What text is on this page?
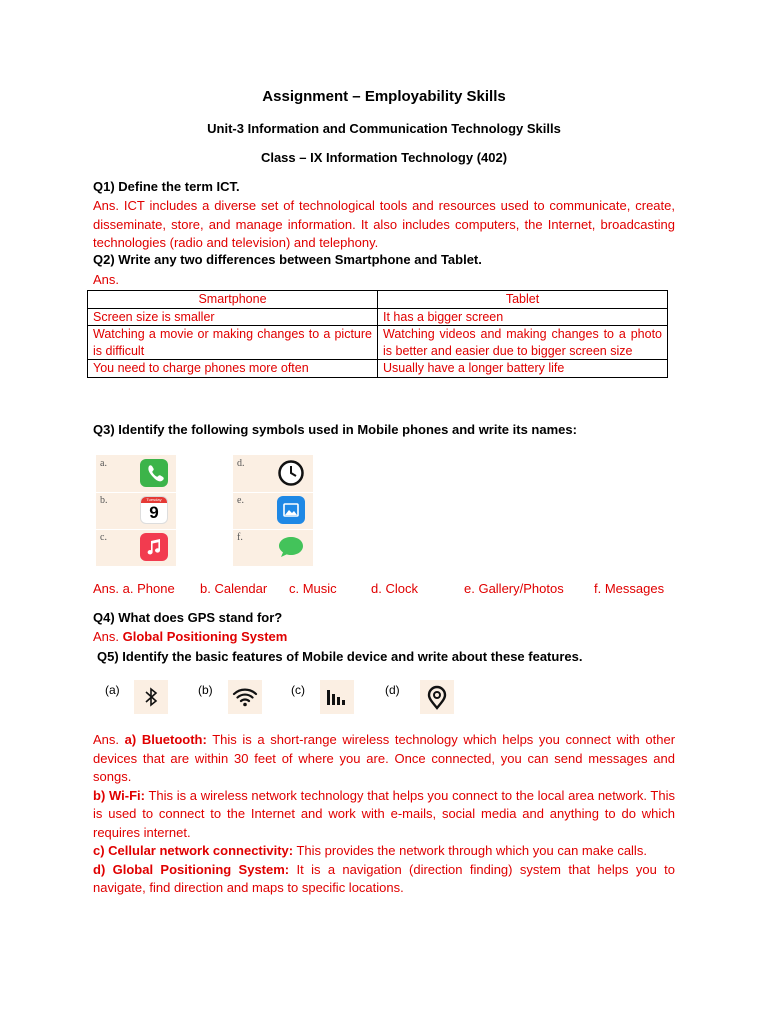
Assignment – Employability Skills
Unit-3 Information and Communication Technology Skills
Class – IX Information Technology (402)
Q1) Define the term ICT.
Ans. ICT includes a diverse set of technological tools and resources used to communicate, create, disseminate, store, and manage information. It also includes computers, the Internet, broadcasting technologies (radio and television) and telephony.
Q2) Write any two differences between Smartphone and Tablet.
Ans.
Smartphone	Tablet
Screen size is smaller	It has a bigger screen
Watching a movie or making changes to a picture is difficult	Watching videos and making changes to a photo is better and easier due to bigger screen size
You need to charge phones more often	Usually have a longer battery life
Q3) Identify the following symbols used in Mobile phones and write its names:
a.
b.	Tuesday
9
c.
d.
e.
f.
Ans. a. Phone b. Calendar c. Music	d. Clock	e. Gallery/Photos f. Messages
Q4) What does GPS stand for?
Ans. Global Positioning System
Q5) Identify the basic features of Mobile device and write about these features.
(a)	(b)	(c)	(d)
Ans. a) Bluetooth: This is a short-range wireless technology which helps you connect with other devices that are within 30 feet of where you are. Once connected, you can send messages and songs.
b) Wi-Fi: This is a wireless network technology that helps you connect to the local area network. This is used to connect to the Internet and work with e-mails, social media and anything to do which requires internet.
c) Cellular network connectivity: This provides the network through which you can make calls.
d) Global Positioning System: It is a navigation (direction finding) system that helps you to navigate, find direction and maps to specific locations.
